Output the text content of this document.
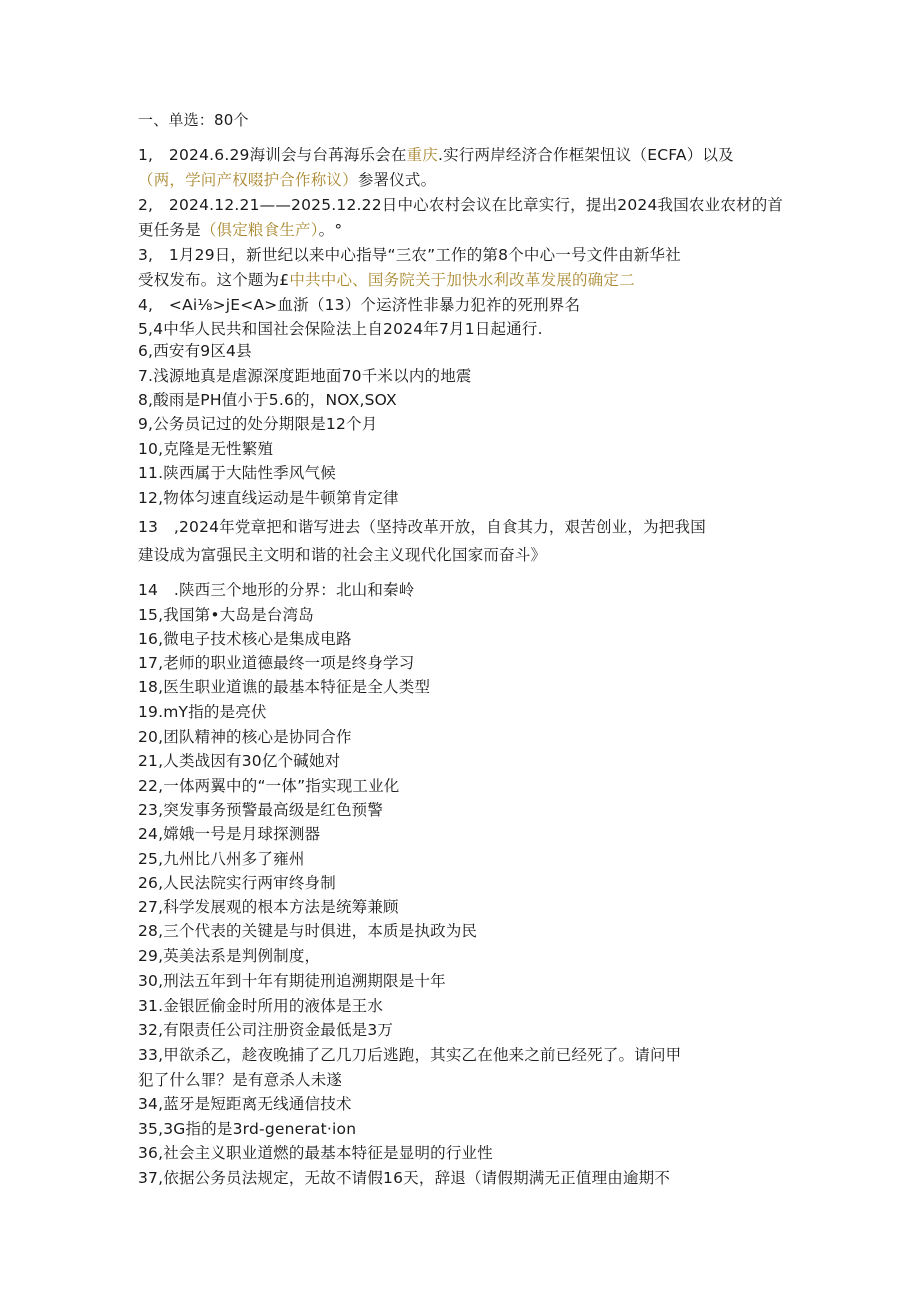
一、单选：80个
1,　2024.6.29海训会与台苒海乐会在重庆.实行两岸经济合作框架忸议（ECFA）以及
（两，学问产权啜护合作称议）参署仪式。
2,　2024.12.21——2025.12.22日中心农村会议在比章实行，提出2024我国农业农材的首
更任务是（俱定粮食生产）。°
3,　1月29日，新世纪以来中心指导“三农”工作的第8个中心一号文件由新华社
受权发布。这个题为£中共中心、国务院关于加快水利改革发展的确定二
4,　<Ai⅛>jE<A>血浙（13）个运济性非暴力犯祚的死刑界名
5,4中华人民共和国社会保险法上自2024年7月1日起通行.
6,西安有9区4县
7.浅源地真是虐源深度距地面70千米以内的地震
8,酸雨是PH值小于5.6的，NOX,SOX
9,公务员记过的处分期限是12个月
10,克隆是无性繁殖
11.陕西属于大陆性季风气候
12,物体匀速直线运动是牛顿第肯定律
13　,2024年党章把和谐写进去（坚持改革开放，自食其力，艰苦创业，为把我国
建设成为富强民主文明和谐的社会主义现代化国家而奋斗》
14　.陕西三个地形的分界：北山和秦岭
15,我国第•大岛是台湾岛
16,微电子技术核心是集成电路
17,老师的职业道德最终一项是终身学习
18,医生职业道谯的最基本特征是全人类型
19.mY指的是亮伏
20,团队精神的核心是协同合作
21,人类战因有30亿个碱她对
22,一体两翼中的“一体”指实现工业化
23,突发事务预警最高级是红色预警
24,嫦娥一号是月球探测器
25,九州比八州多了雍州
26,人民法院实行两审终身制
27,科学发展观的根本方法是统筹兼顾
28,三个代表的关键是与时俱进，本质是执政为民
29,英美法系是判例制度，
30,刑法五年到十年有期徒刑追溯期限是十年
31.金银匠偷金时所用的液体是王水
32,有限责任公司注册资金最低是3万
33,甲欲杀乙，趁夜晚捕了乙几刀后逃跑，其实乙在他来之前已经死了。请问甲
犯了什么罪？是有意杀人未遂
34,蓝牙是短距离无线通信技术
35,3G指的是3rd-generat·ion
36,社会主义职业道燃的最基本特征是显明的行业性
37,依据公务员法规定，无故不请假16天，辞退（请假期满无正值理由逾期不
